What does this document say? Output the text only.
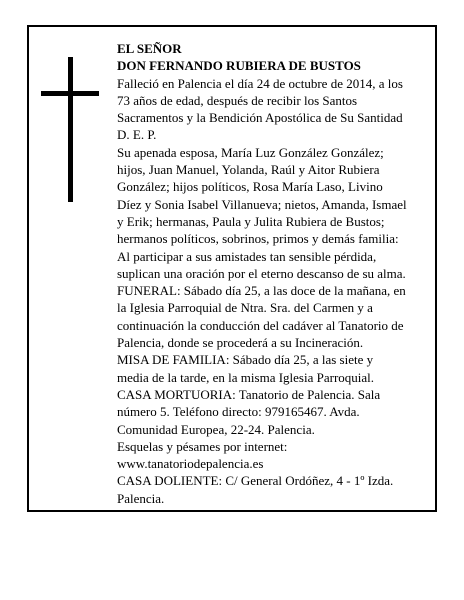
EL SEÑOR
DON FERNANDO RUBIERA DE BUSTOS
Falleció en Palencia el día 24 de octubre de 2014, a los
73 años de edad, después de recibir los Santos
Sacramentos y la Bendición Apostólica de Su Santidad
D. E. P.
Su apenada esposa, María Luz González González;
hijos, Juan Manuel, Yolanda, Raúl y Aitor Rubiera
González; hijos políticos, Rosa María Laso, Livino
Díez y Sonia Isabel Villanueva; nietos, Amanda, Ismael
y Erik; hermanas, Paula y Julita Rubiera de Bustos;
hermanos políticos, sobrinos, primos y demás familia:
Al participar a sus amistades tan sensible pérdida,
suplican una oración por el eterno descanso de su alma.
FUNERAL: Sábado día 25, a las doce de la mañana, en
la Iglesia Parroquial de Ntra. Sra. del Carmen y a
continuación la conducción del cadáver al Tanatorio de
Palencia, donde se procederá a su Incineración.
MISA DE FAMILIA: Sábado día 25, a las siete y
media de la tarde, en la misma Iglesia Parroquial.
CASA MORTUORIA: Tanatorio de Palencia. Sala
número 5. Teléfono directo: 979165467. Avda.
Comunidad Europea, 22-24. Palencia.
Esquelas y pésames por internet:
www.tanatoriodepalencia.es
CASA DOLIENTE: C/ General Ordóñez, 4 - 1º Izda.
Palencia.
